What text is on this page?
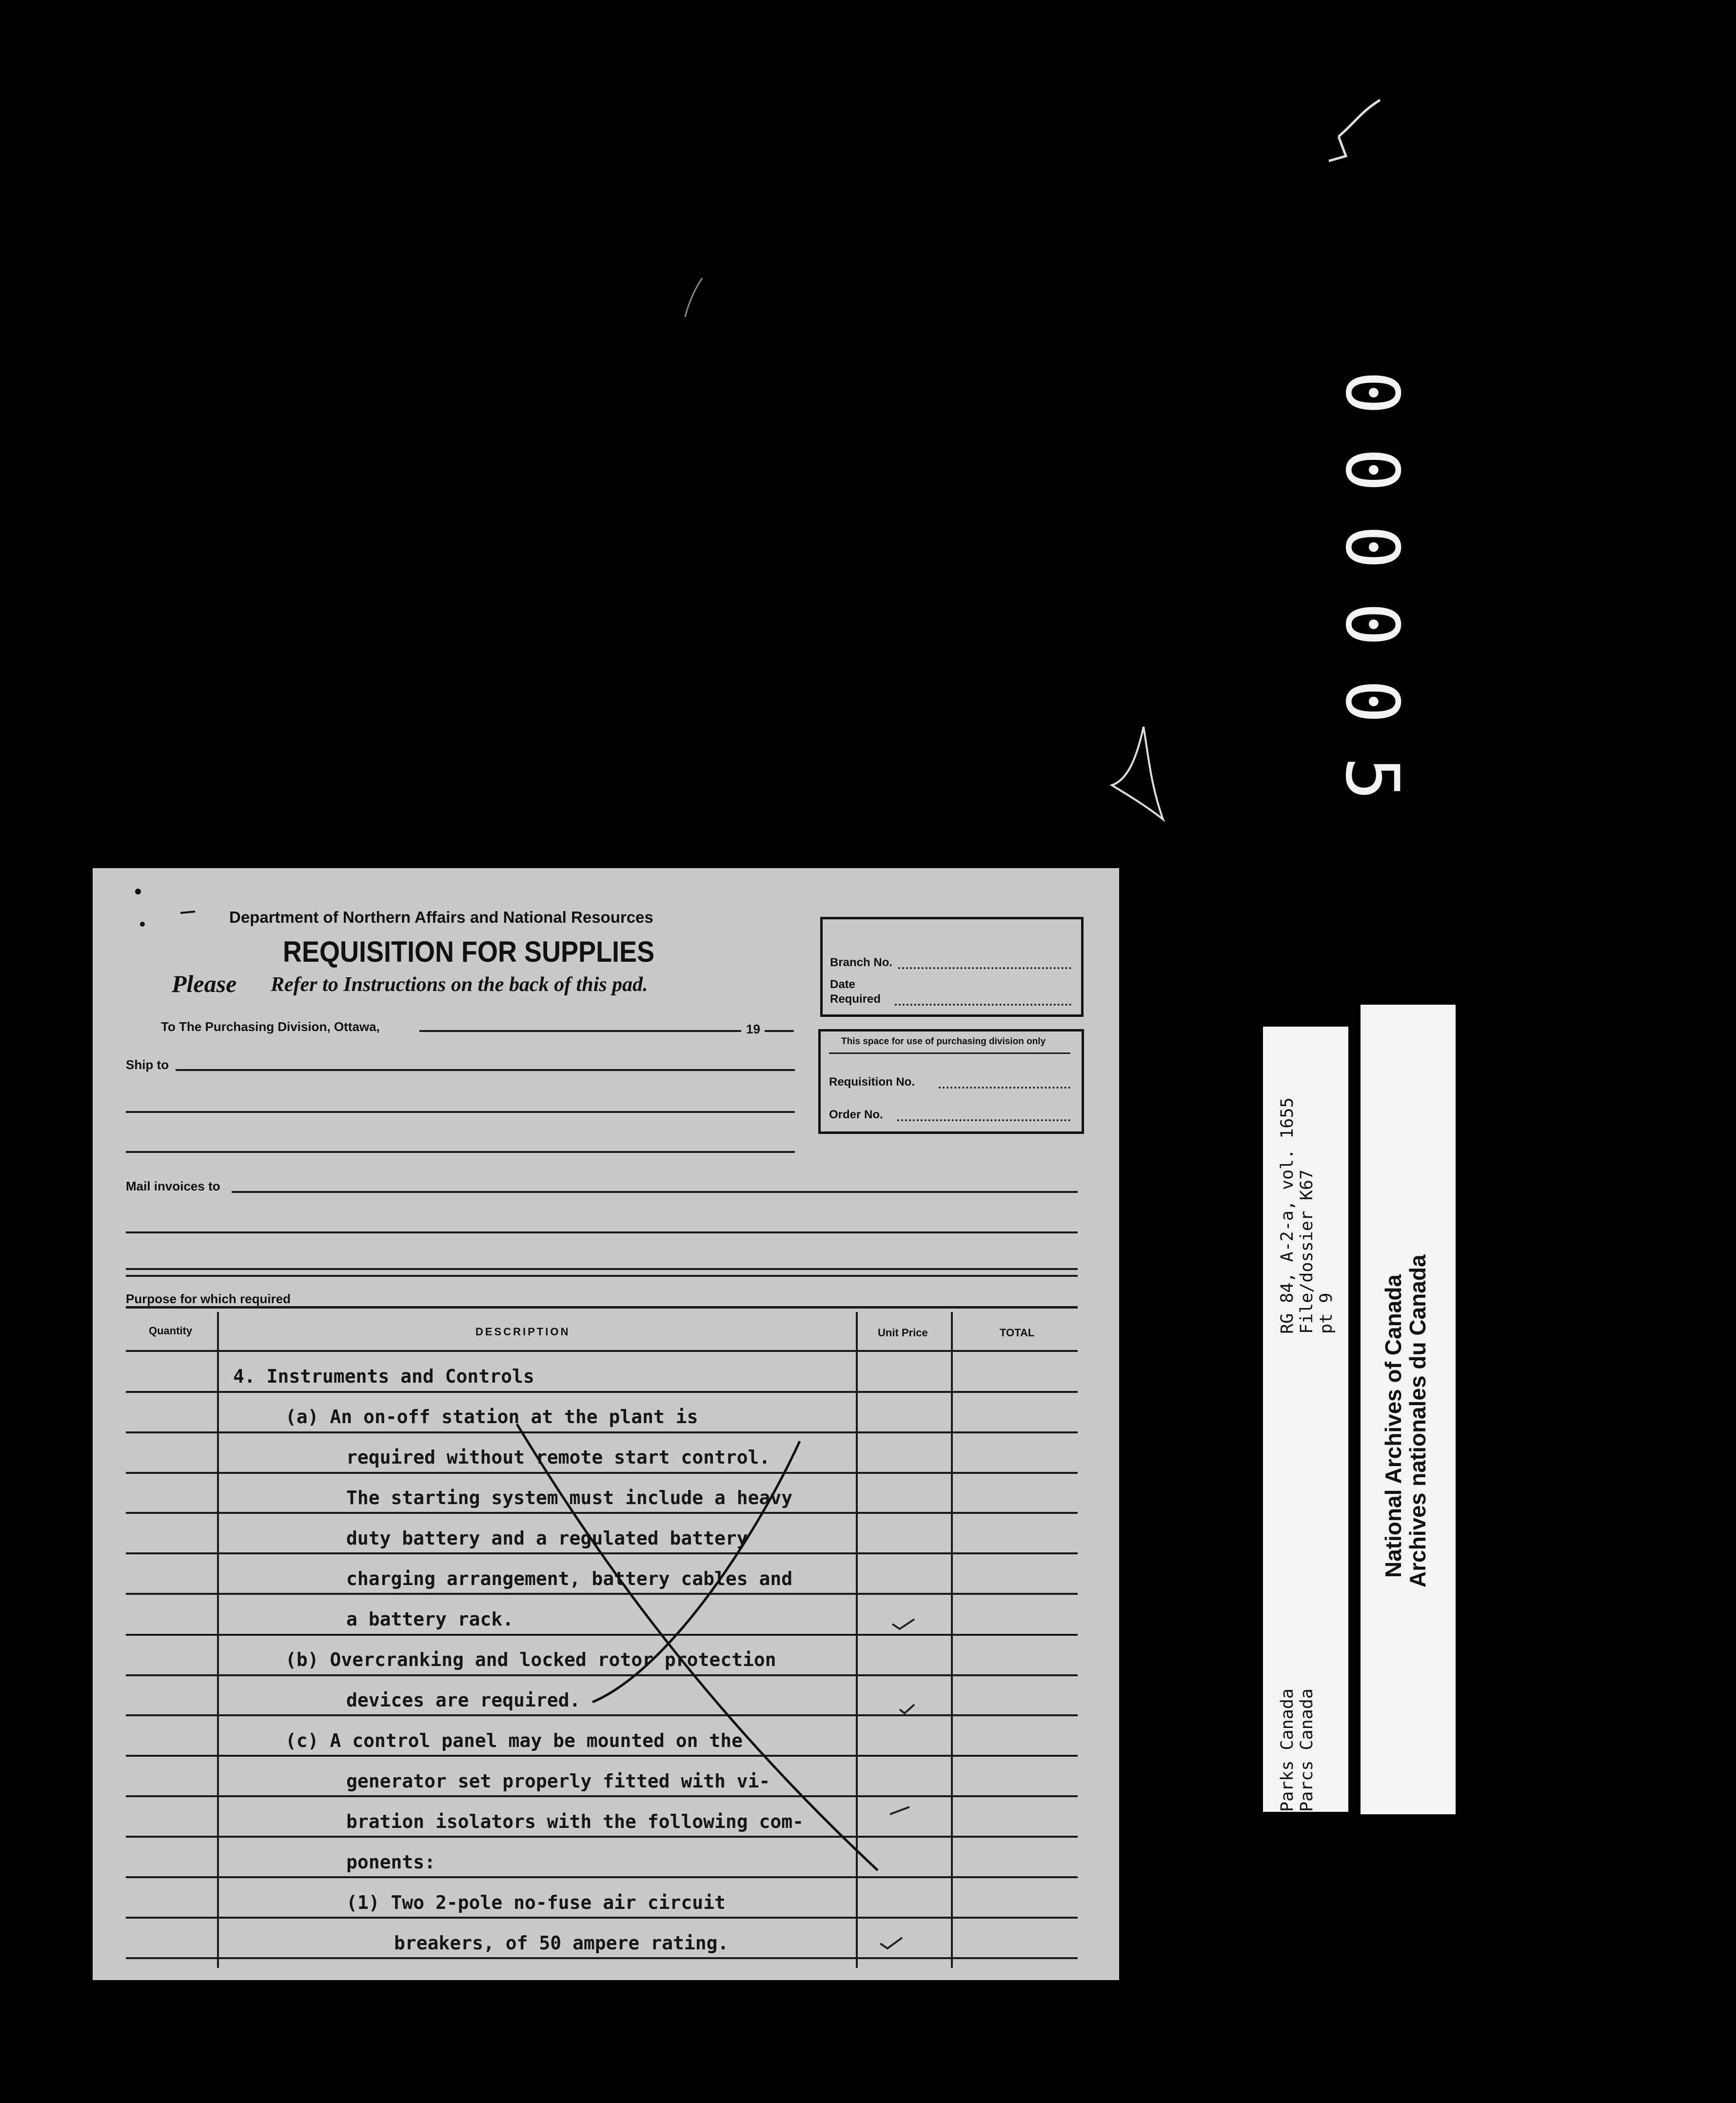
000005
Department of Northern Affairs and National Resources
REQUISITION FOR SUPPLIES
Please Refer to Instructions on the back of this pad.
To The Purchasing Division, Ottawa,	19
Ship to
Branch No.
Date
Required
This space for use of purchasing division only
Requisition No.
Order No.
Mail invoices to
Purpose for which required
Quantity	DESCRIPTION	Unit Price	TOTAL
4. Instruments and Controls
(a) An on-off station at the plant is
required without remote start control.
The starting system must include a heavy
duty battery and a regulated battery
charging arrangement, battery cables and
a battery rack.
(b) Overcranking and locked rotor protection
devices are required.
(c) A control panel may be mounted on the
generator set properly fitted with vi-
bration isolators with the following com-
ponents:
(1) Two 2-pole no-fuse air circuit
breakers, of 50 ampere rating.
RG 84, A-2-a, vol. 1655 File/dossier K67 pt 9
Parks Canada Parcs Canada
National Archives of Canada
Archives nationales du Canada
